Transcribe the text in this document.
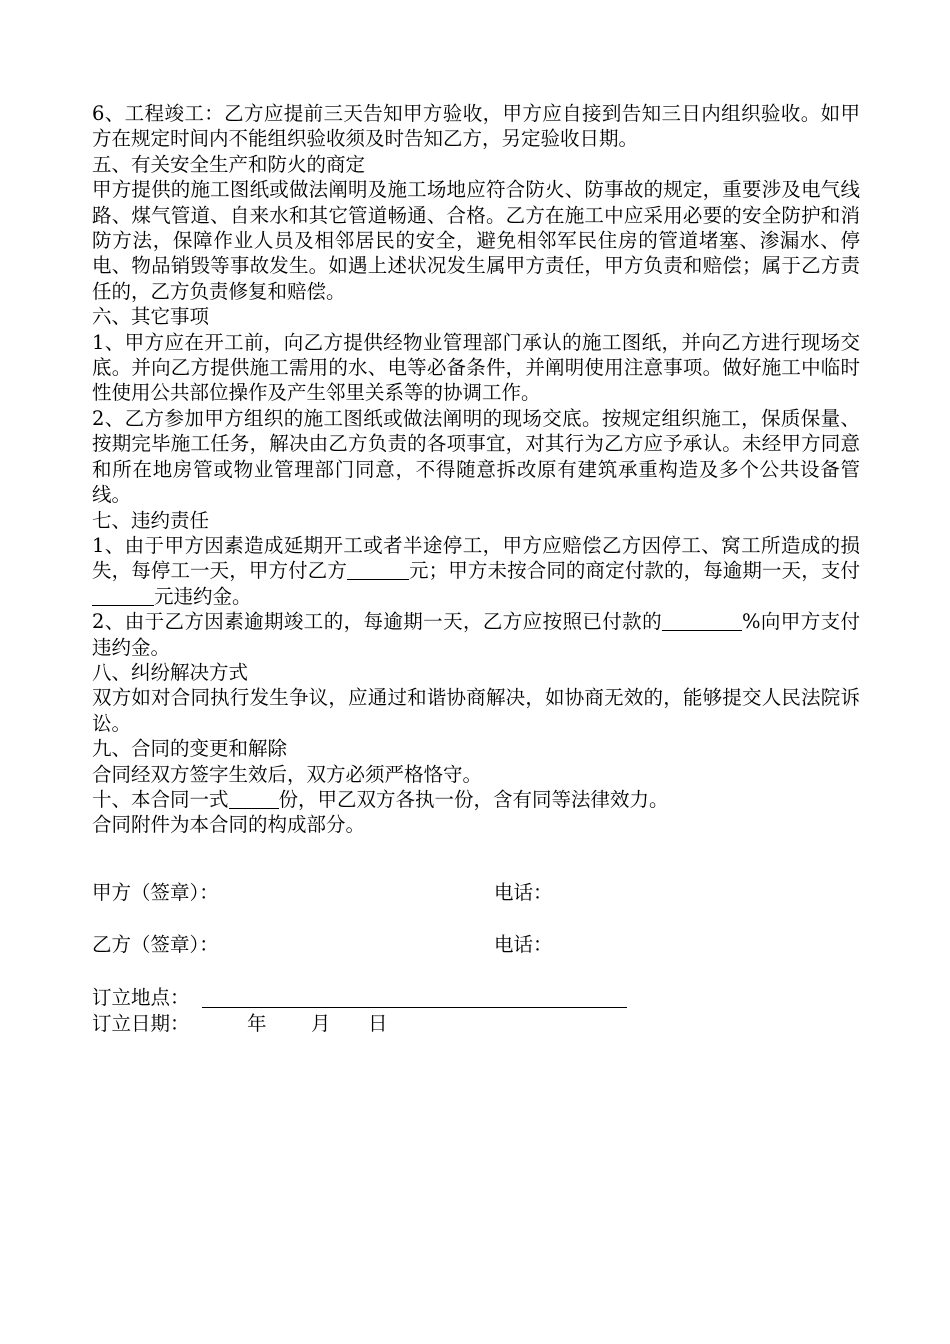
6、工程竣工：乙方应提前三天告知甲方验收，甲方应自接到告知三日内组织验收。如甲方在规定时间内不能组织验收须及时告知乙方，另定验收日期。

五、有关安全生产和防火的商定

甲方提供的施工图纸或做法阐明及施工场地应符合防火、防事故的规定，重要涉及电气线路、煤气管道、自来水和其它管道畅通、合格。乙方在施工中应采用必要的安全防护和消防方法，保障作业人员及相邻居民的安全，避免相邻军民住房的管道堵塞、渗漏水、停电、物品销毁等事故发生。如遇上述状况发生属甲方责任，甲方负责和赔偿；属于乙方责任的，乙方负责修复和赔偿。

六、其它事项

1、甲方应在开工前，向乙方提供经物业管理部门承认的施工图纸，并向乙方进行现场交底。并向乙方提供施工需用的水、电等必备条件，并阐明使用注意事项。做好施工中临时性使用公共部位操作及产生邻里关系等的协调工作。

2、乙方参加甲方组织的施工图纸或做法阐明的现场交底。按规定组织施工，保质保量、按期完毕施工任务，解决由乙方负责的各项事宜，对其行为乙方应予承认。未经甲方同意和所在地房管或物业管理部门同意，不得随意拆改原有建筑承重构造及多个公共设备管线。

七、违约责任

1、由于甲方因素造成延期开工或者半途停工，甲方应赔偿乙方因停工、窝工所造成的损失，每停工一天，甲方付乙方	元；甲方未按合同的商定付款的，每逾期一天，支付元违约金。

2、由于乙方因素逾期竣工的，每逾期一天，乙方应按照已付款的	%向甲方支付违约金。

八、纠纷解决方式

双方如对合同执行发生争议，应通过和谐协商解决，如协商无效的，能够提交人民法院诉讼。

九、合同的变更和解除

合同经双方签字生效后，双方必须严格恪守。

十、本合同一式	份，甲乙双方各执一份，含有同等法律效力。

合同附件为本合同的构成部分。

甲方（签章）：	电话：
乙方（签章）：	电话：
订立地点：
订立日期：	年 月 日
